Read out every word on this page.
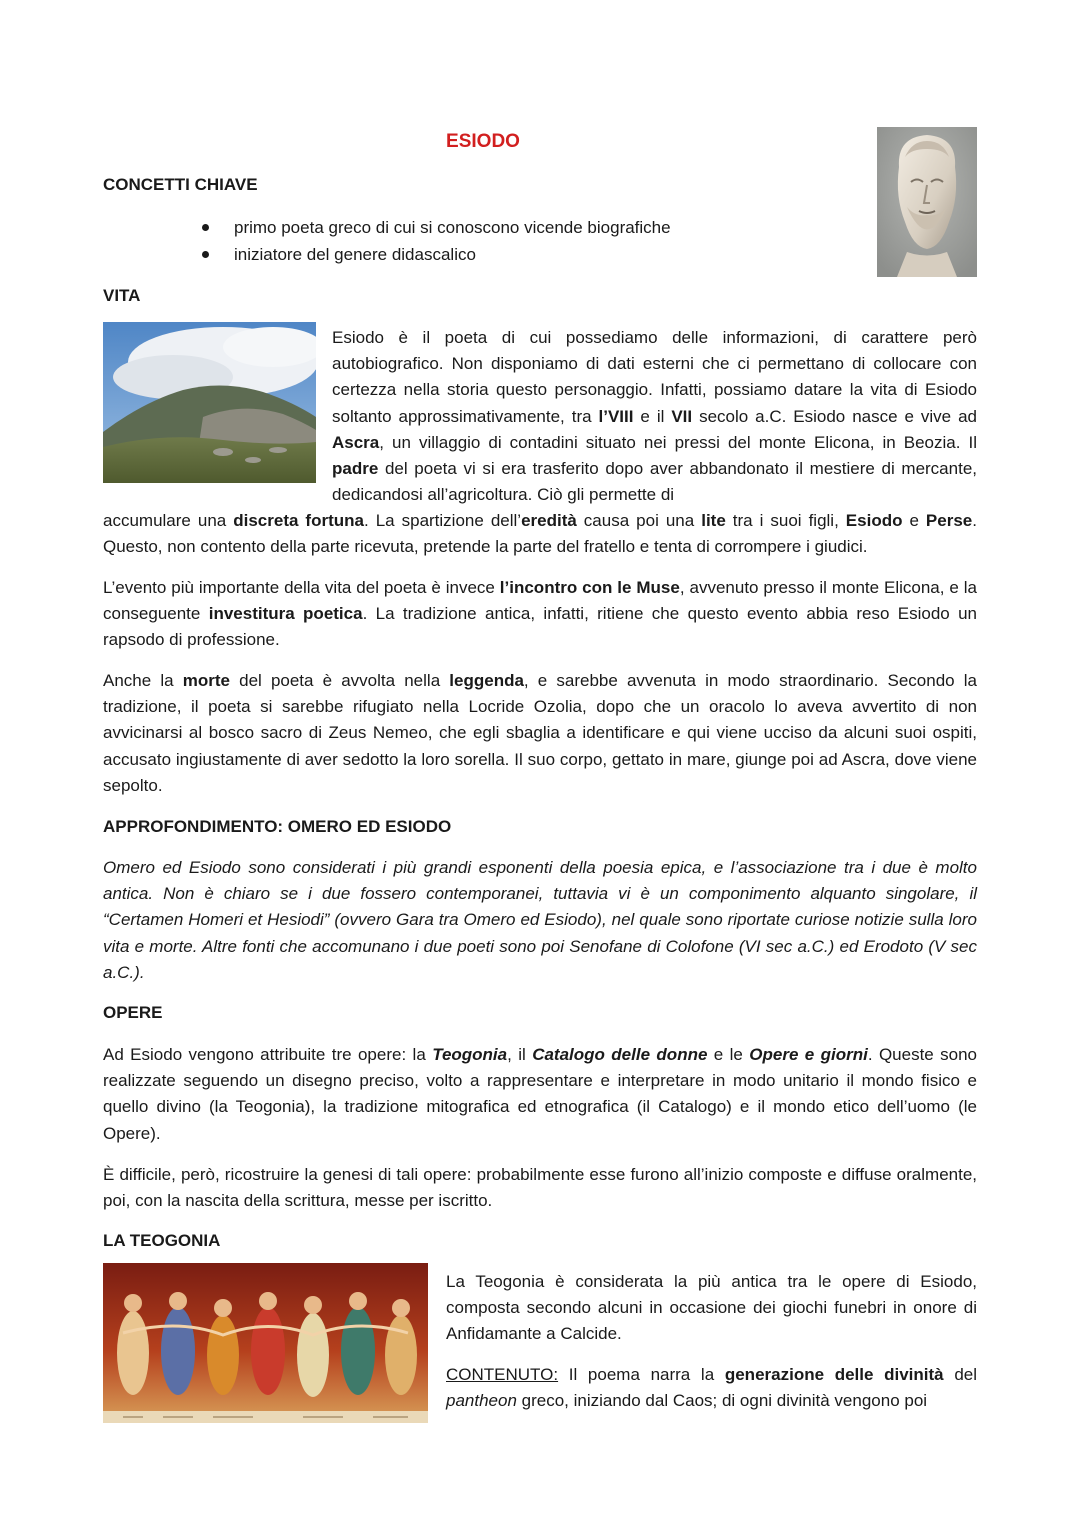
ESIODO
CONCETTI CHIAVE
primo poeta greco di cui si conoscono vicende biografiche
iniziatore del genere didascalico
VITA

Esiodo è il poeta di cui possediamo delle informazioni, di carattere però autobiografico. Non disponiamo di dati esterni che ci permettano di collocare con certezza nella storia questo personaggio. Infatti, possiamo datare la vita di Esiodo soltanto approssimativamente, tra l’VIII e il VII secolo a.C. Esiodo nasce e vive ad Ascra, un villaggio di contadini situato nei pressi del monte Elicona, in Beozia. Il padre del poeta vi si era trasferito dopo aver abbandonato il mestiere di mercante, dedicandosi all’agricoltura. Ciò gli permette di

accumulare una discreta fortuna. La spartizione dell’eredità causa poi una lite tra i suoi figli, Esiodo e Perse. Questo, non contento della parte ricevuta, pretende la parte del fratello e tenta di corrompere i giudici.

L’evento più importante della vita del poeta è invece l’incontro con le Muse, avvenuto presso il monte Elicona, e la conseguente investitura poetica. La tradizione antica, infatti, ritiene che questo evento abbia reso Esiodo un rapsodo di professione.

Anche la morte del poeta è avvolta nella leggenda, e sarebbe avvenuta in modo straordinario. Secondo la tradizione, il poeta si sarebbe rifugiato nella Locride Ozolia, dopo che un oracolo lo aveva avvertito di non avvicinarsi al bosco sacro di Zeus Nemeo, che egli sbaglia a identificare e qui viene ucciso da alcuni suoi ospiti, accusato ingiustamente di aver sedotto la loro sorella. Il suo corpo, gettato in mare, giunge poi ad Ascra, dove viene sepolto.

APPROFONDIMENTO: OMERO ED ESIODO

Omero ed Esiodo sono considerati i più grandi esponenti della poesia epica, e l’associazione tra i due è molto antica. Non è chiaro se i due fossero contemporanei, tuttavia vi è un componimento alquanto singolare, il “Certamen Homeri et Hesiodi” (ovvero Gara tra Omero ed Esiodo), nel quale sono riportate curiose notizie sulla loro vita e morte. Altre fonti che accomunano i due poeti sono poi Senofane di Colofone (VI sec a.C.) ed Erodoto (V sec a.C.).

OPERE

Ad Esiodo vengono attribuite tre opere: la Teogonia, il Catalogo delle donne e le Opere e giorni. Queste sono realizzate seguendo un disegno preciso, volto a rappresentare e interpretare in modo unitario il mondo fisico e quello divino (la Teogonia), la tradizione mitografica ed etnografica (il Catalogo) e il mondo etico dell’uomo (le Opere).

È difficile, però, ricostruire la genesi di tali opere: probabilmente esse furono all’inizio composte e diffuse oralmente, poi, con la nascita della scrittura, messe per iscritto.

LA TEOGONIA

La Teogonia è considerata la più antica tra le opere di Esiodo, composta secondo alcuni in occasione dei giochi funebri in onore di Anfidamante a Calcide.

CONTENUTO: Il poema narra la generazione delle divinità del pantheon greco, iniziando dal Caos; di ogni divinità vengono poi
